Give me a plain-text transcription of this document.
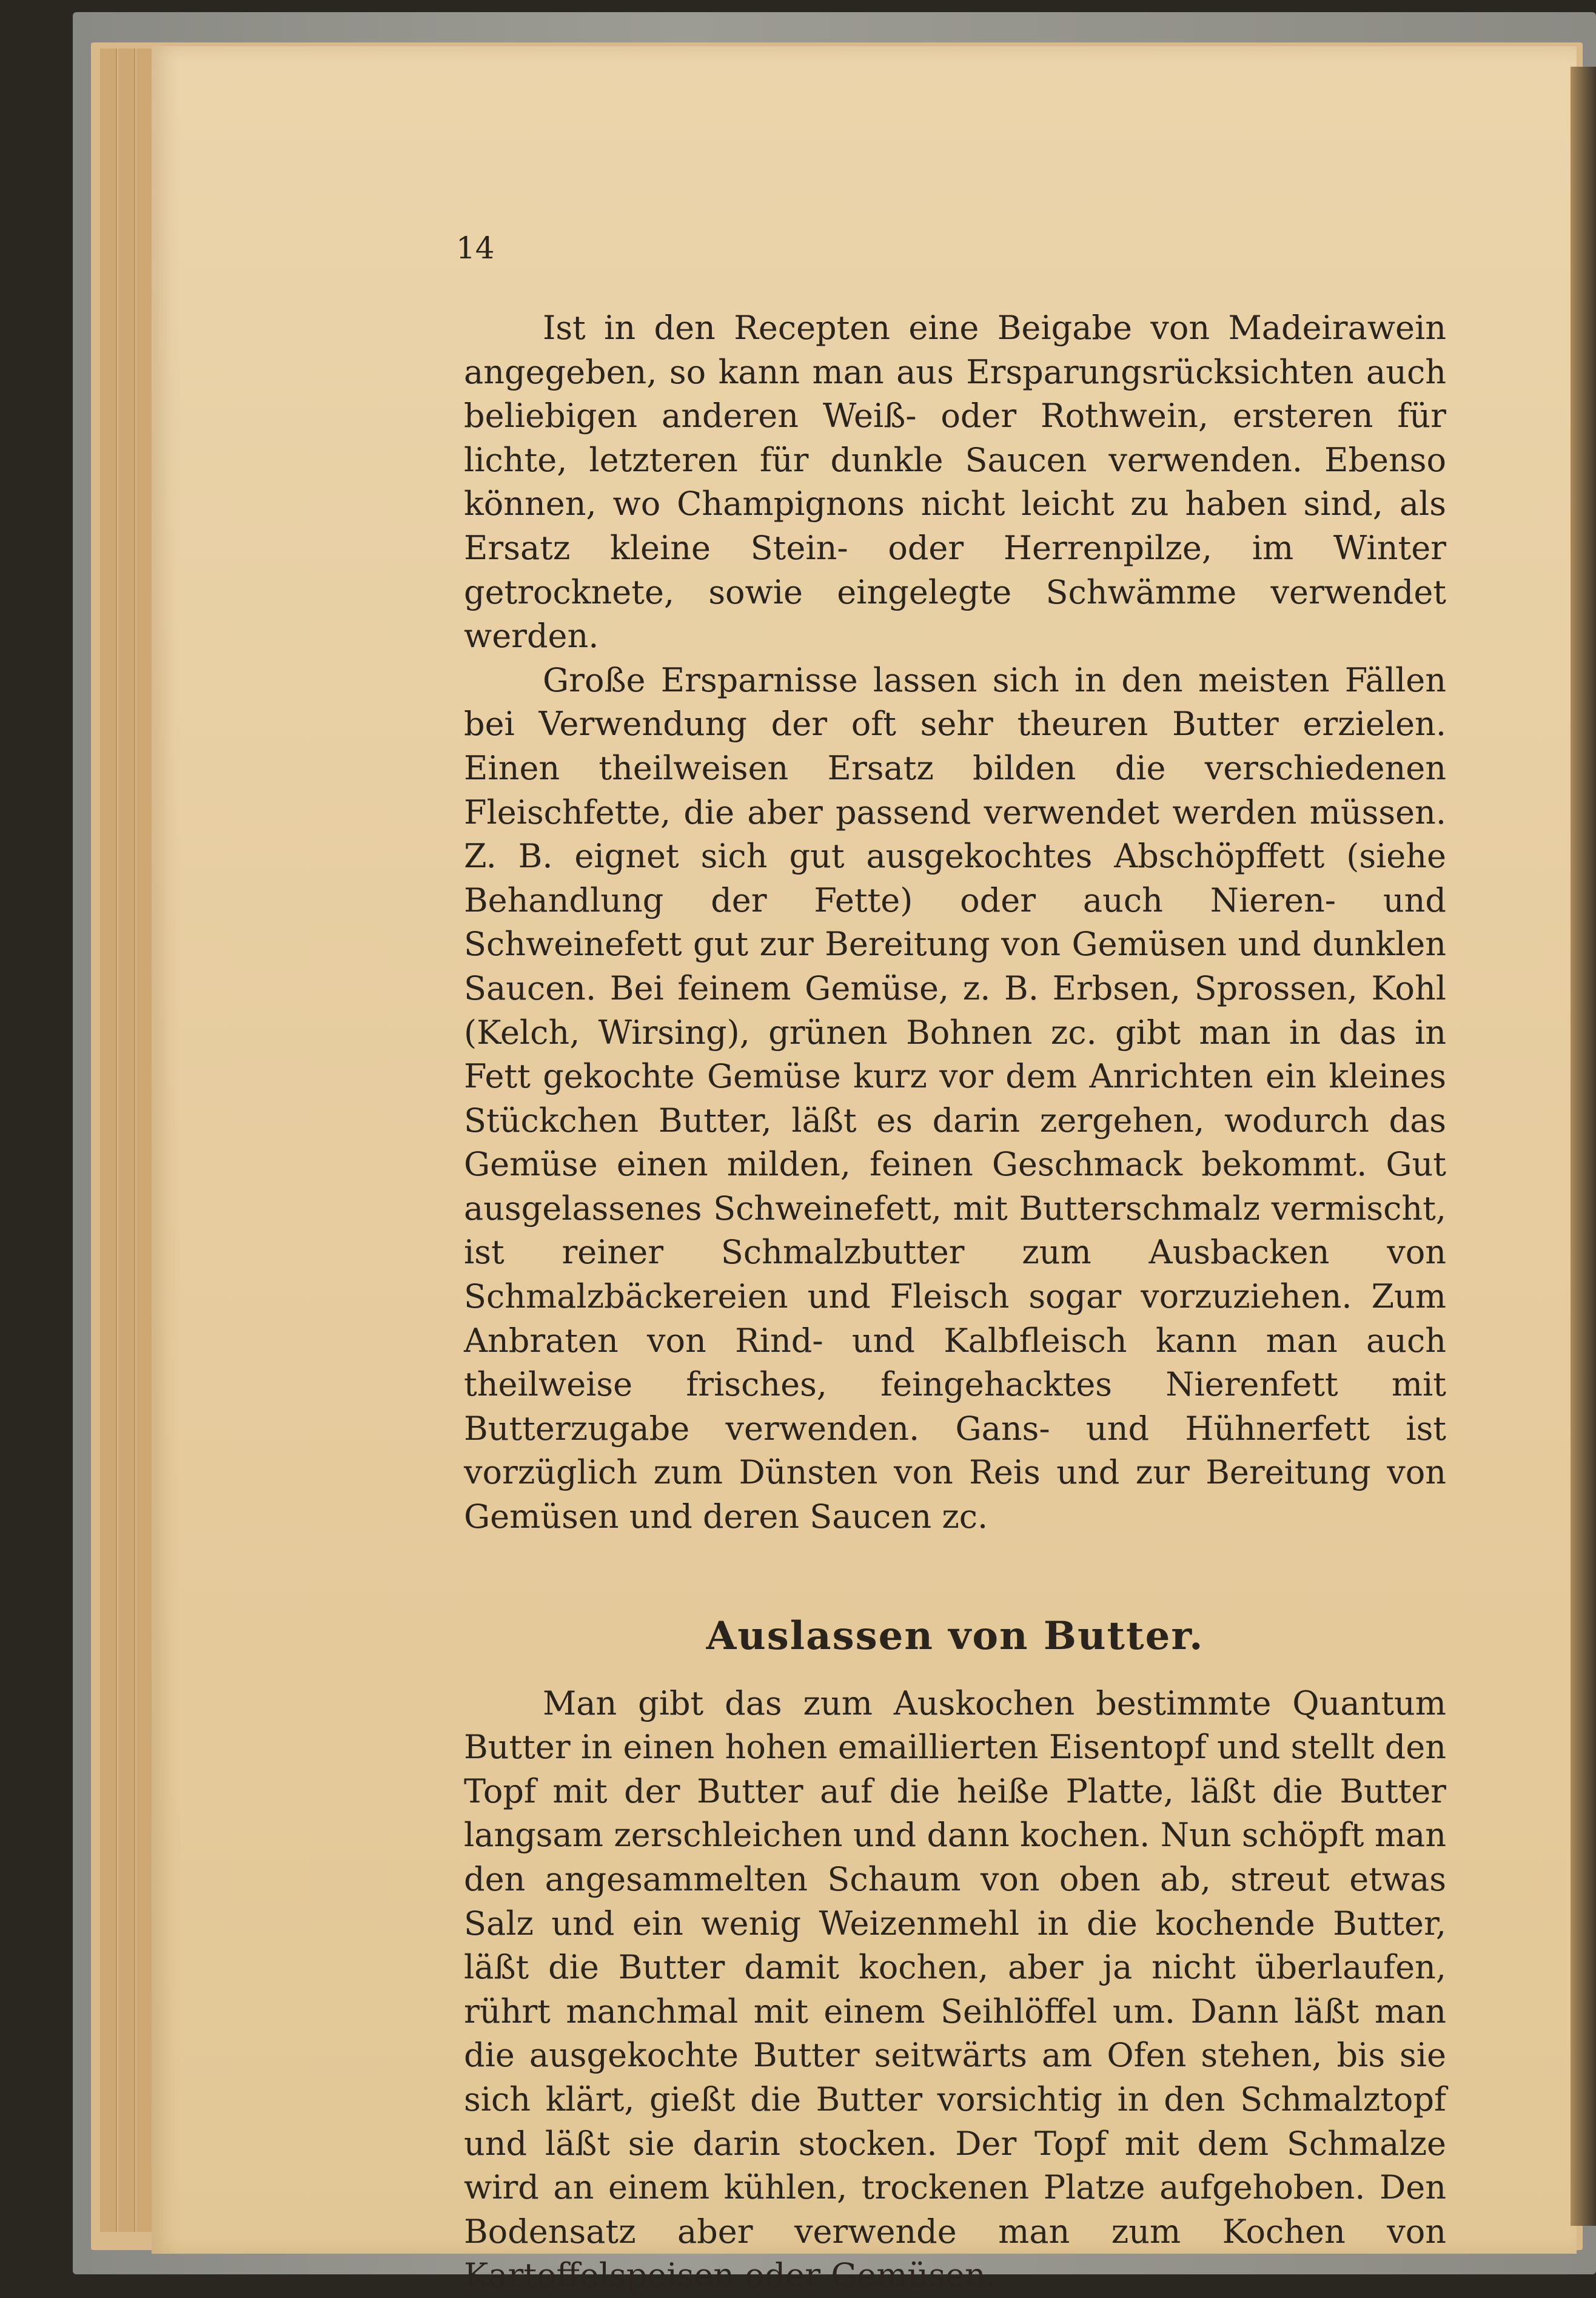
14

Ist in den Recepten eine Beigabe von Madeirawein angegeben, so kann man aus Ersparungsrücksichten auch beliebigen anderen Weiß- oder Rothwein, ersteren für lichte, letzteren für dunkle Saucen verwenden. Ebenso können, wo Champignons nicht leicht zu haben sind, als Ersatz kleine Stein- oder Herrenpilze, im Winter getrocknete, sowie eingelegte Schwämme verwendet werden.

Große Ersparnisse lassen sich in den meisten Fällen bei Verwendung der oft sehr theuren Butter erzielen. Einen theilweisen Ersatz bilden die verschiedenen Fleischfette, die aber passend verwendet werden müssen. Z. B. eignet sich gut ausgekochtes Abschöpffett (siehe Behandlung der Fette) oder auch Nieren- und Schweinefett gut zur Bereitung von Gemüsen und dunklen Saucen. Bei feinem Gemüse, z. B. Erbsen, Sprossen, Kohl (Kelch, Wirsing), grünen Bohnen zc. gibt man in das in Fett gekochte Gemüse kurz vor dem Anrichten ein kleines Stückchen Butter, läßt es darin zergehen, wodurch das Gemüse einen milden, feinen Geschmack bekommt. Gut ausgelassenes Schweinefett, mit Butterschmalz vermischt, ist reiner Schmalzbutter zum Ausbacken von Schmalzbäckereien und Fleisch sogar vorzuziehen. Zum Anbraten von Rind- und Kalbfleisch kann man auch theilweise frisches, feingehacktes Nierenfett mit Butterzugabe verwenden. Gans- und Hühnerfett ist vorzüglich zum Dünsten von Reis und zur Bereitung von Gemüsen und deren Saucen zc.

Auslassen von Butter.

Man gibt das zum Auskochen bestimmte Quantum Butter in einen hohen emaillierten Eisentopf und stellt den Topf mit der Butter auf die heiße Platte, läßt die Butter langsam zerschleichen und dann kochen. Nun schöpft man den angesammelten Schaum von oben ab, streut etwas Salz und ein wenig Weizenmehl in die kochende Butter, läßt die Butter damit kochen, aber ja nicht überlaufen, rührt manchmal mit einem Seihlöffel um. Dann läßt man die ausgekochte Butter seitwärts am Ofen stehen, bis sie sich klärt, gießt die Butter vorsichtig in den Schmalztopf und läßt sie darin stocken. Der Topf mit dem Schmalze wird an einem kühlen, trockenen Platze aufgehoben. Den Bodensatz aber verwende man zum Kochen von Kartoffelspeisen oder Gemüsen.
